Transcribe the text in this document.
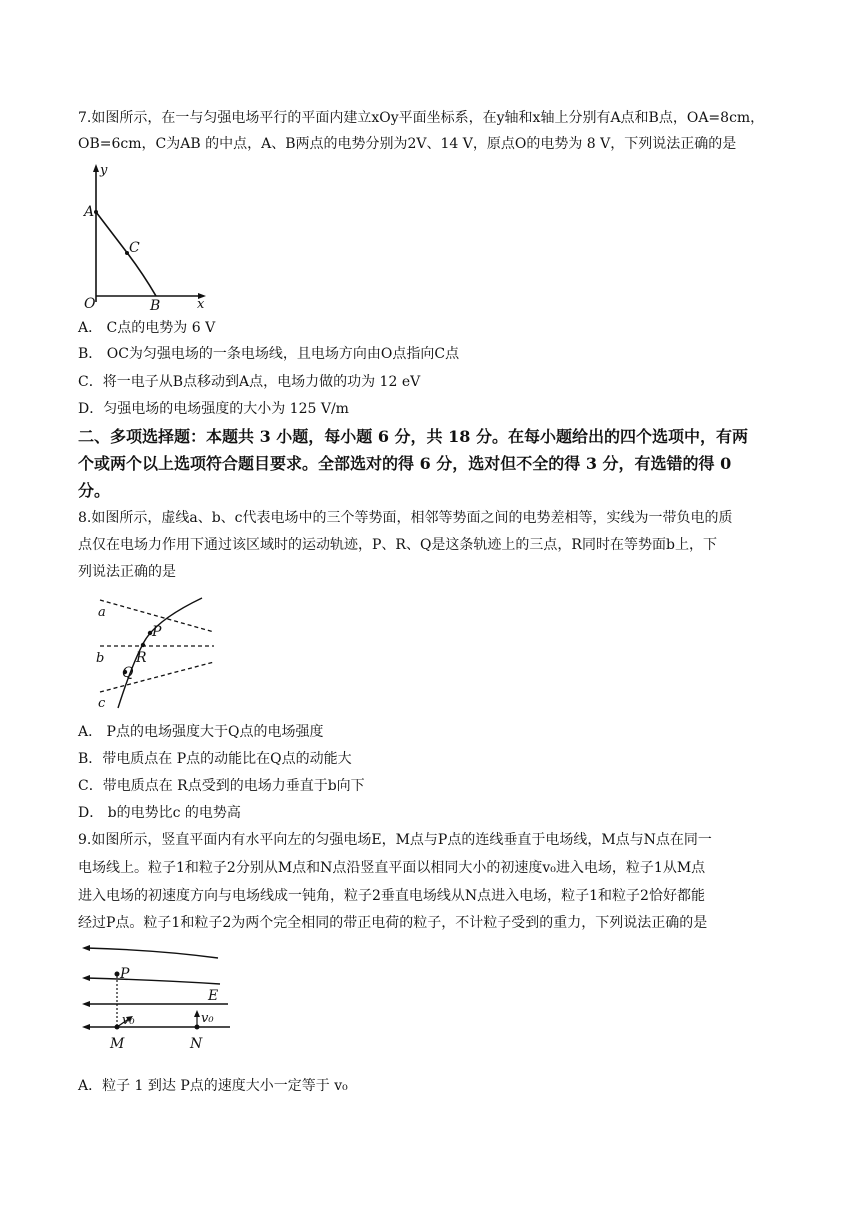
7.如图所示，在一与匀强电场平行的平面内建立xOy平面坐标系，在y轴和x轴上分别有A点和B点，OA=8cm，
OB=6cm，C为AB 的中点，A、B两点的电势分别为2V、14 V，原点O的电势为 8 V，下列说法正确的是
y
A
C
O	B	x
A． C点的电势为 6 V
B． OC为匀强电场的一条电场线，且电场方向由O点指向C点
C．将一电子从B点移动到A点，电场力做的功为 12 eV
D．匀强电场的电场强度的大小为 125 V/m
二、多项选择题：本题共 3 小题，每小题 6 分，共 18 分。在每小题给出的四个选项中，有两
个或两个以上选项符合题目要求。全部选对的得 6 分，选对但不全的得 3 分，有选错的得 0
分。
8.如图所示，虚线a、b、c代表电场中的三个等势面，相邻等势面之间的电势差相等，实线为一带负电的质
点仅在电场力作用下通过该区域时的运动轨迹，P、R、Q是这条轨迹上的三点，R同时在等势面b上，下
列说法正确的是
a
b
c
P
R
Q
A． P点的电场强度大于Q点的电场强度
B．带电质点在 P点的动能比在Q点的动能大
C．带电质点在 R点受到的电场力垂直于b向下
D． b的电势比c 的电势高
9.如图所示，竖直平面内有水平向左的匀强电场E，M点与P点的连线垂直于电场线，M点与N点在同一
电场线上。粒子1和粒子2分别从M点和N点沿竖直平面以相同大小的初速度v₀进入电场，粒子1从M点
进入电场的初速度方向与电场线成一钝角，粒子2垂直电场线从N点进入电场，粒子1和粒子2恰好都能
经过P点。粒子1和粒子2为两个完全相同的带正电荷的粒子，不计粒子受到的重力，下列说法正确的是
P
E
v₀	v₀
M	N
A．粒子 1 到达 P点的速度大小一定等于 v₀
